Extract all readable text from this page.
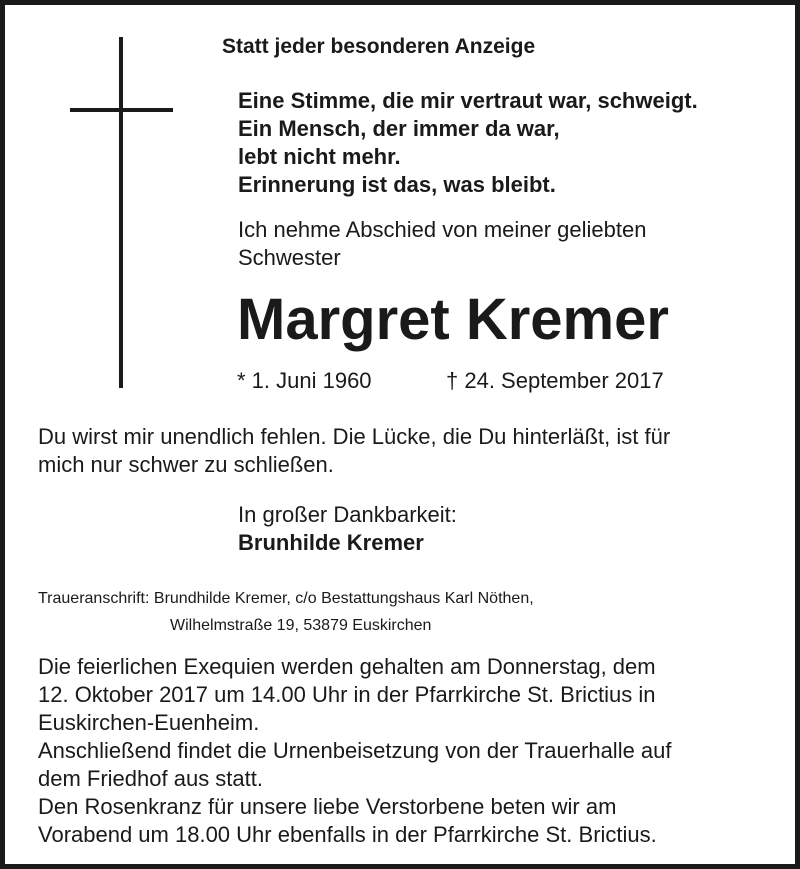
Statt jeder besonderen Anzeige
Eine Stimme, die mir vertraut war, schweigt.
Ein Mensch, der immer da war,
lebt nicht mehr.
Erinnerung ist das, was bleibt.
Ich nehme Abschied von meiner geliebten
Schwester
Margret Kremer
* 1. Juni 1960	† 24. September 2017
Du wirst mir unendlich fehlen. Die Lücke, die Du hinterläßt, ist für
mich nur schwer zu schließen.
In großer Dankbarkeit:
Brunhilde Kremer
Traueranschrift: Brundhilde Kremer, c/o Bestattungshaus Karl Nöthen,
Wilhelmstraße 19, 53879 Euskirchen
Die feierlichen Exequien werden gehalten am Donnerstag, dem
12. Oktober 2017 um 14.00 Uhr in der Pfarrkirche St. Brictius in
Euskirchen-Euenheim.
Anschließend findet die Urnenbeisetzung von der Trauerhalle auf
dem Friedhof aus statt.
Den Rosenkranz für unsere liebe Verstorbene beten wir am
Vorabend um 18.00 Uhr ebenfalls in der Pfarrkirche St. Brictius.
